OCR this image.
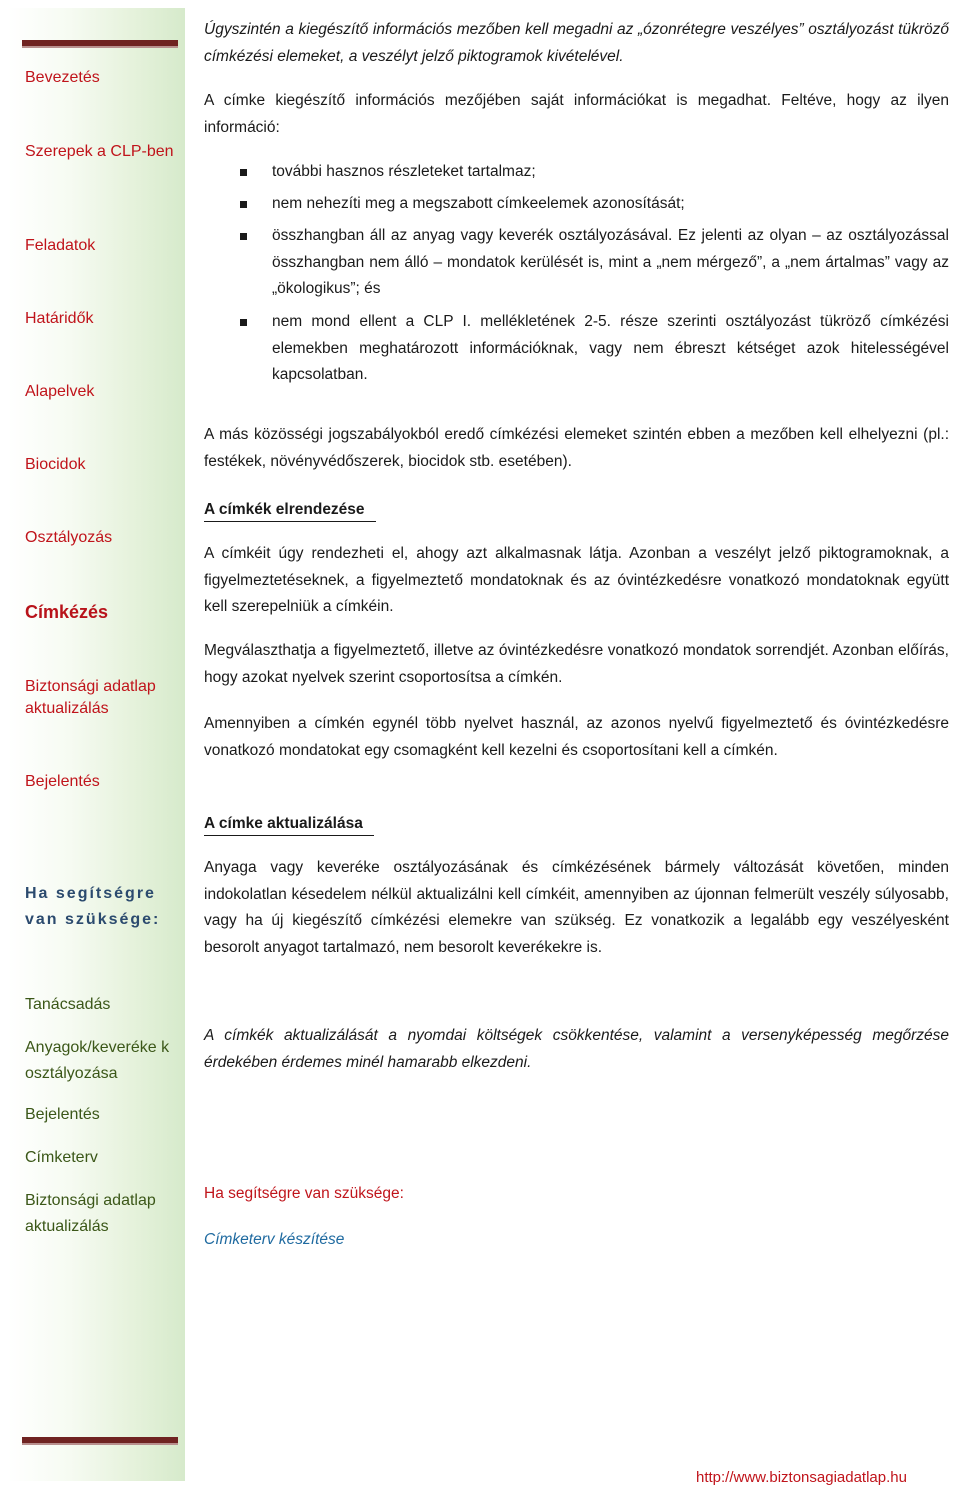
Bevezetés
Szerepek a CLP-ben
Feladatok
Határidők
Alapelvek
Biocidok
Osztályozás
Címkézés
Biztonsági adatlap aktualizálás
Bejelentés
Ha segítségre van szüksége:
Tanácsadás
Anyagok/keveréke k osztályozása
Bejelentés
Címketerv
Biztonsági adatlap aktualizálás

Úgyszintén a kiegészítő információs mezőben kell megadni az „ózonrétegre veszélyes” osztályozást tükröző címkézési elemeket, a veszélyt jelző piktogramok kivételével.

A címke kiegészítő információs mezőjében saját információkat is megadhat. Feltéve, hogy az ilyen információ:

további hasznos részleteket tartalmaz;

nem nehezíti meg a megszabott címkeelemek azonosítását;

összhangban áll az anyag vagy keverék osztályozásával. Ez jelenti az olyan – az osztályozással összhangban nem álló – mondatok kerülését is, mint a „nem mérgező”, a „nem ártalmas” vagy az „ökologikus”; és

nem mond ellent a CLP I. mellékletének 2-5. része szerinti osztályozást tükröző címkézési elemekben meghatározott információknak, vagy nem ébreszt kétséget azok hitelességével kapcsolatban.

A más közösségi jogszabályokból eredő címkézési elemeket szintén ebben a mezőben kell elhelyezni (pl.: festékek, növényvédőszerek, biocidok stb. esetében).

A címkék elrendezése

A címkéit úgy rendezheti el, ahogy azt alkalmasnak látja. Azonban a veszélyt jelző piktogramoknak, a figyelmeztetéseknek, a figyelmeztető mondatoknak és az óvintézkedésre vonatkozó mondatoknak együtt kell szerepelniük a címkéin.

Megválaszthatja a figyelmeztető, illetve az óvintézkedésre vonatkozó mondatok sorrendjét. Azonban előírás, hogy azokat nyelvek szerint csoportosítsa a címkén.

Amennyiben a címkén egynél több nyelvet használ, az azonos nyelvű figyelmeztető és óvintézkedésre vonatkozó mondatokat egy csomagként kell kezelni és csoportosítani kell a címkén.

A címke aktualizálása

Anyaga vagy keveréke osztályozásának és címkézésének bármely változását követően, minden indokolatlan késedelem nélkül aktualizálni kell címkéit, amennyiben az újonnan felmerült veszély súlyosabb, vagy ha új kiegészítő címkézési elemekre van szükség. Ez vonatkozik a legalább egy veszélyesként besorolt anyagot tartalmazó, nem besorolt keverékekre is.

A címkék aktualizálását a nyomdai költségek csökkentése, valamint a versenyképesség megőrzése érdekében érdemes minél hamarabb elkezdeni.

Ha segítségre van szüksége:
Címketerv készítése
http://www.biztonsagiadatlap.hu
